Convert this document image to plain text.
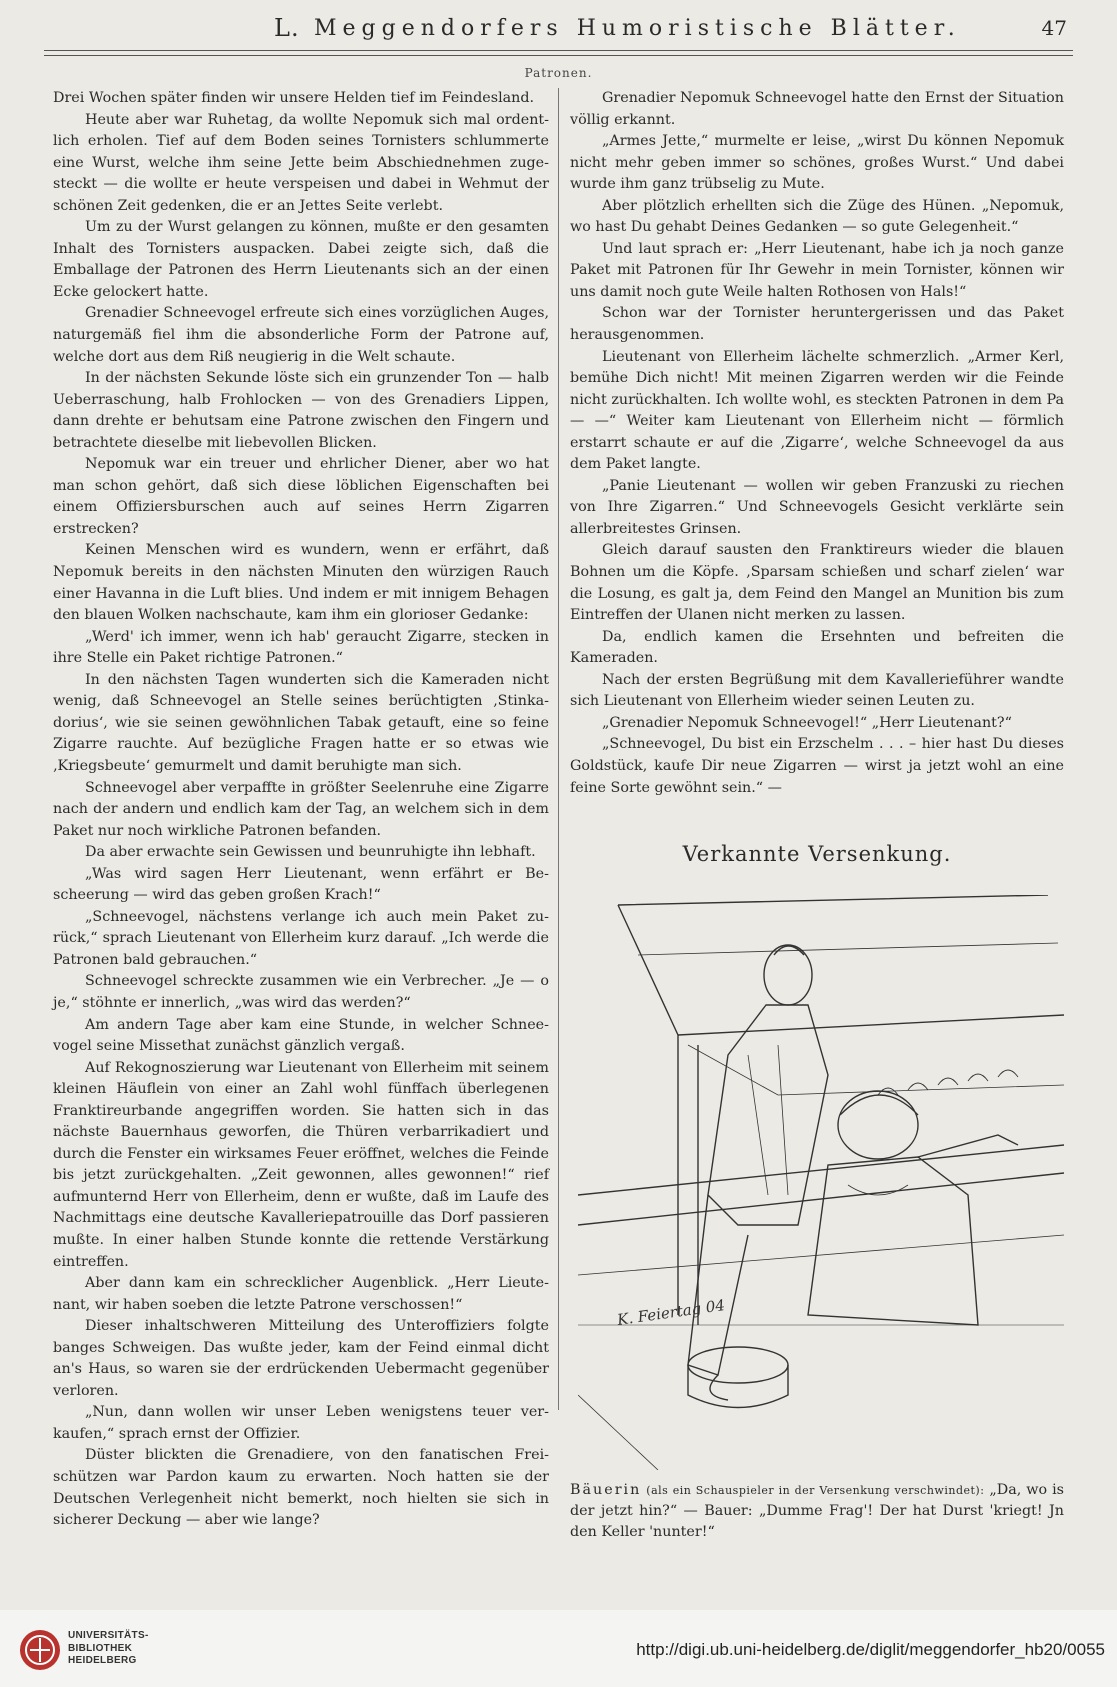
L. Meggendorfers Humoristische Blätter.	47
Patronen.

Drei Wochen später finden wir unsere Helden tief im Feindesland.

Heute aber war Ruhetag, da wollte Nepomuk sich mal ordentlich erholen. Tief auf dem Boden seines Tornisters schlummerte eine Wurst, welche ihm seine Jette beim Abschiednehmen zugesteckt — die wollte er heute verspeisen und dabei in Wehmut der schönen Zeit gedenken, die er an Jettes Seite verlebt.

Um zu der Wurst gelangen zu können, mußte er den gesamten Inhalt des Tornisters auspacken. Dabei zeigte sich, daß die Emballage der Patronen des Herrn Lieutenants sich an der einen Ecke gelockert hatte.

Grenadier Schneevogel erfreute sich eines vorzüglichen Auges, naturgemäß fiel ihm die absonderliche Form der Patrone auf, welche dort aus dem Riß neugierig in die Welt schaute.

In der nächsten Sekunde löste sich ein grunzender Ton — halb Ueberraschung, halb Frohlocken — von des Grenadiers Lippen, dann drehte er behutsam eine Patrone zwischen den Fingern und betrachtete dieselbe mit liebevollen Blicken.

Nepomuk war ein treuer und ehrlicher Diener, aber wo hat man schon gehört, daß sich diese löblichen Eigenschaften bei einem Offiziersburschen auch auf seines Herrn Zigarren erstrecken?

Keinen Menschen wird es wundern, wenn er erfährt, daß Nepomuk bereits in den nächsten Minuten den würzigen Rauch einer Havanna in die Luft blies. Und indem er mit innigem Behagen den blauen Wolken nachschaute, kam ihm ein glorioser Gedanke:

„Werd' ich immer, wenn ich hab' geraucht Zigarre, stecken in ihre Stelle ein Paket richtige Patronen.“

In den nächsten Tagen wunderten sich die Kameraden nicht wenig, daß Schneevogel an Stelle seines berüchtigten ‚Stinkadorius‘, wie sie seinen gewöhnlichen Tabak getauft, eine so feine Zigarre rauchte. Auf bezügliche Fragen hatte er so etwas wie ‚Kriegsbeute‘ gemurmelt und damit beruhigte man sich.

Schneevogel aber verpaffte in größter Seelenruhe eine Zigarre nach der andern und endlich kam der Tag, an welchem sich in dem Paket nur noch wirkliche Patronen befanden.

Da aber erwachte sein Gewissen und beunruhigte ihn lebhaft.

„Was wird sagen Herr Lieutenant, wenn erfährt er Bescheerung — wird das geben großen Krach!“

„Schneevogel, nächstens verlange ich auch mein Paket zurück,“ sprach Lieutenant von Ellerheim kurz darauf. „Ich werde die Patronen bald gebrauchen.“

Schneevogel schreckte zusammen wie ein Verbrecher. „Je — o je,“ stöhnte er innerlich, „was wird das werden?“

Am andern Tage aber kam eine Stunde, in welcher Schneevogel seine Missethat zunächst gänzlich vergaß.

Auf Rekognoszierung war Lieutenant von Ellerheim mit seinem kleinen Häuflein von einer an Zahl wohl fünffach überlegenen Franktireurbande angegriffen worden. Sie hatten sich in das nächste Bauernhaus geworfen, die Thüren verbarrikadiert und durch die Fenster ein wirksames Feuer eröffnet, welches die Feinde bis jetzt zurückgehalten. „Zeit gewonnen, alles gewonnen!“ rief aufmunternd Herr von Ellerheim, denn er wußte, daß im Laufe des Nachmittags eine deutsche Kavalleriepatrouille das Dorf passieren mußte. In einer halben Stunde konnte die rettende Verstärkung eintreffen.

Aber dann kam ein schrecklicher Augenblick. „Herr Lieutenant, wir haben soeben die letzte Patrone verschossen!“

Dieser inhaltschweren Mitteilung des Unteroffiziers folgte banges Schweigen. Das wußte jeder, kam der Feind einmal dicht an's Haus, so waren sie der erdrückenden Uebermacht gegenüber verloren.

„Nun, dann wollen wir unser Leben wenigstens teuer verkaufen,“ sprach ernst der Offizier.

Düster blickten die Grenadiere, von den fanatischen Freischützen war Pardon kaum zu erwarten. Noch hatten sie der Deutschen Verlegenheit nicht bemerkt, noch hielten sie sich in sicherer Deckung — aber wie lange?

Grenadier Nepomuk Schneevogel hatte den Ernst der Situation völlig erkannt.

„Armes Jette,“ murmelte er leise, „wirst Du können Nepomuk nicht mehr geben immer so schönes, großes Wurst.“ Und dabei wurde ihm ganz trübselig zu Mute.

Aber plötzlich erhellten sich die Züge des Hünen. „Nepomuk, wo hast Du gehabt Deines Gedanken — so gute Gelegenheit.“

Und laut sprach er: „Herr Lieutenant, habe ich ja noch ganze Paket mit Patronen für Ihr Gewehr in mein Tornister, können wir uns damit noch gute Weile halten Rothosen von Hals!“

Schon war der Tornister heruntergerissen und das Paket herausgenommen.

Lieutenant von Ellerheim lächelte schmerzlich. „Armer Kerl, bemühe Dich nicht! Mit meinen Zigarren werden wir die Feinde nicht zurückhalten. Ich wollte wohl, es steckten Patronen in dem Pa — —“ Weiter kam Lieutenant von Ellerheim nicht — förmlich erstarrt schaute er auf die ‚Zigarre‘, welche Schneevogel da aus dem Paket langte.

„Panie Lieutenant — wollen wir geben Franzuski zu riechen von Ihre Zigarren.“ Und Schneevogels Gesicht verklärte sein allerbreitestes Grinsen.

Gleich darauf sausten den Franktireurs wieder die blauen Bohnen um die Köpfe. ‚Sparsam schießen und scharf zielen‘ war die Losung, es galt ja, dem Feind den Mangel an Munition bis zum Eintreffen der Ulanen nicht merken zu lassen.

Da, endlich kamen die Ersehnten und befreiten die Kameraden.

Nach der ersten Begrüßung mit dem Kavallerieführer wandte sich Lieutenant von Ellerheim wieder seinen Leuten zu.

„Grenadier Nepomuk Schneevogel!“ „Herr Lieutenant?“

„Schneevogel, Du bist ein Erzschelm . . . – hier hast Du dieses Goldstück, kaufe Dir neue Zigarren — wirst ja jetzt wohl an eine feine Sorte gewöhnt sein.“ —

Verkannte Versenkung.
K. Feiertag 04
Bäuerin (als ein Schauspieler in der Versenkung verschwindet): „Da, wo is der jetzt hin?“ — Bauer: „Dumme Frag'! Der hat Durst 'kriegt! Jn den Keller 'nunter!“
UNIVERSITÄTS-
BIBLIOTHEK
HEIDELBERG
http://digi.ub.uni-heidelberg.de/diglit/meggendorfer_hb20/0055
